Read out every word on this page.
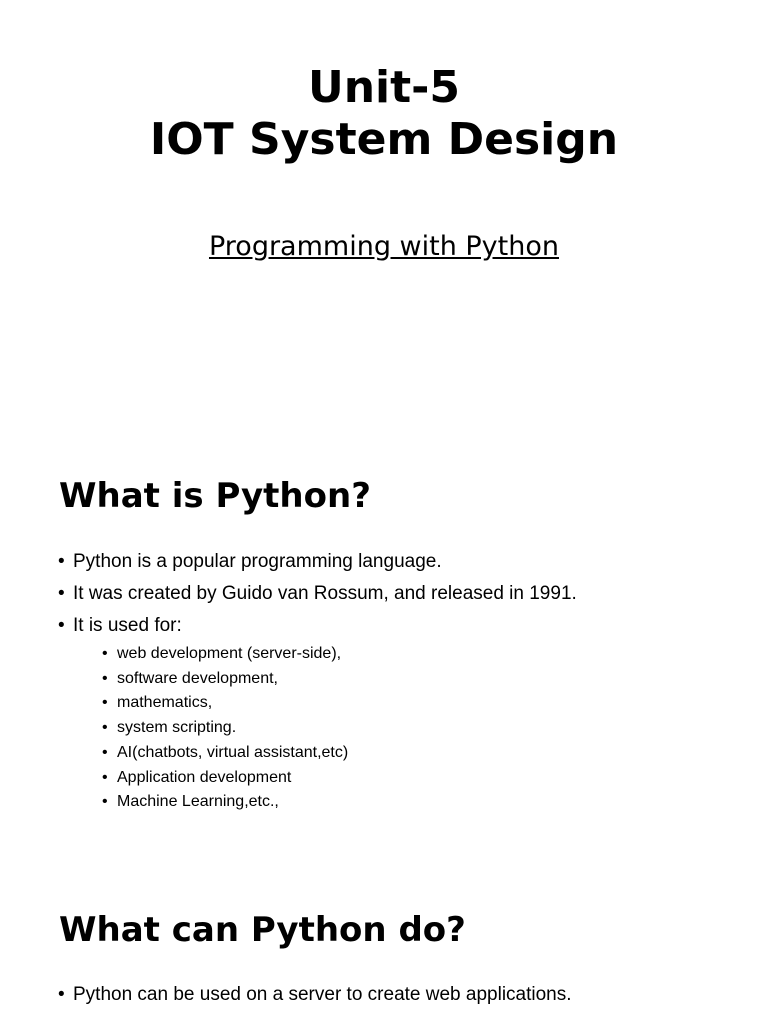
Unit-5
IOT System Design
Programming with Python
What is Python?
• Python is a popular programming language.
• It was created by Guido van Rossum, and released in 1991.
• It is used for:
• web development (server-side),
• software development,
• mathematics,
• system scripting.
• AI(chatbots, virtual assistant,etc)
• Application development
• Machine Learning,etc.,
What can Python do?
• Python can be used on a server to create web applications.
